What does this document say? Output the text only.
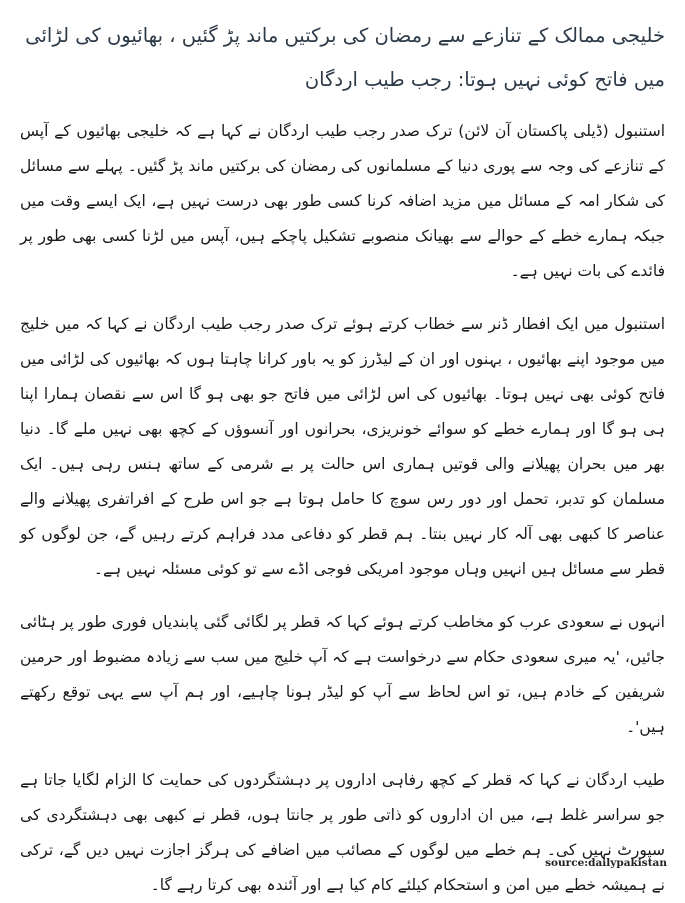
خلیجی ممالک کے تنازعے سے رمضان کی برکتیں ماند پڑ گئیں ، بھائیوں کی لڑائی میں فاتح کوئی نہیں ہوتا: رجب طیب اردگان

استنبول (ڈیلی پاکستان آن لائن) ترک صدر رجب طیب اردگان نے کہا ہے کہ خلیجی بھائیوں کے آپس کے تنازعے کی وجہ سے پوری دنیا کے مسلمانوں کی رمضان کی برکتیں ماند پڑ گئیں۔ پہلے سے مسائل کی شکار امہ کے مسائل میں مزید اضافہ کرنا کسی طور بھی درست نہیں ہے، ایک ایسے وقت میں جبکہ ہمارے خطے کے حوالے سے بھیانک منصوبے تشکیل پاچکے ہیں، آپس میں لڑنا کسی بھی طور پر فائدے کی بات نہیں ہے۔

استنبول میں ایک افطار ڈنر سے خطاب کرتے ہوئے ترک صدر رجب طیب اردگان نے کہا کہ میں خلیج میں موجود اپنے بھائیوں ، بہنوں اور ان کے لیڈرز کو یہ باور کرانا چاہتا ہوں کہ بھائیوں کی لڑائی میں فاتح کوئی بھی نہیں ہوتا۔ بھائیوں کی اس لڑائی میں فاتح جو بھی ہو گا اس سے نقصان ہمارا اپنا ہی ہو گا اور ہمارے خطے کو سوائے خونریزی، بحرانوں اور آنسوؤں کے کچھ بھی نہیں ملے گا۔ دنیا بھر میں بحران پھیلانے والی قوتیں ہماری اس حالت پر بے شرمی کے ساتھ ہنس رہی ہیں۔ ایک مسلمان کو تدبر، تحمل اور دور رس سوچ کا حامل ہوتا ہے جو اس طرح کے افراتفری پھیلانے والے عناصر کا کبھی بھی آلہ کار نہیں بنتا۔ ہم قطر کو دفاعی مدد فراہم کرتے رہیں گے، جن لوگوں کو قطر سے مسائل ہیں انہیں وہاں موجود امریکی فوجی اڈے سے تو کوئی مسئلہ نہیں ہے۔

انہوں نے سعودی عرب کو مخاطب کرتے ہوئے کہا کہ قطر پر لگائی گئی پابندیاں فوری طور پر ہٹائی جائیں، 'یہ میری سعودی حکام سے درخواست ہے کہ آپ خلیج میں سب سے زیادہ مضبوط اور حرمین شریفین کے خادم ہیں، تو اس لحاظ سے آپ کو لیڈر ہونا چاہیے، اور ہم آپ سے یہی توقع رکھتے ہیں'۔

طیب اردگان نے کہا کہ قطر کے کچھ رفاہی اداروں پر دہشتگردوں کی حمایت کا الزام لگایا جاتا ہے جو سراسر غلط ہے، میں ان اداروں کو ذاتی طور پر جانتا ہوں، قطر نے کبھی بھی دہشتگردی کی سپورٹ نہیں کی۔ ہم خطے میں لوگوں کے مصائب میں اضافے کی ہرگز اجازت نہیں دیں گے، ترکی نے ہمیشہ خطے میں امن و استحکام کیلئے کام کیا ہے اور آئندہ بھی کرتا رہے گا۔

source:dailypakistan
